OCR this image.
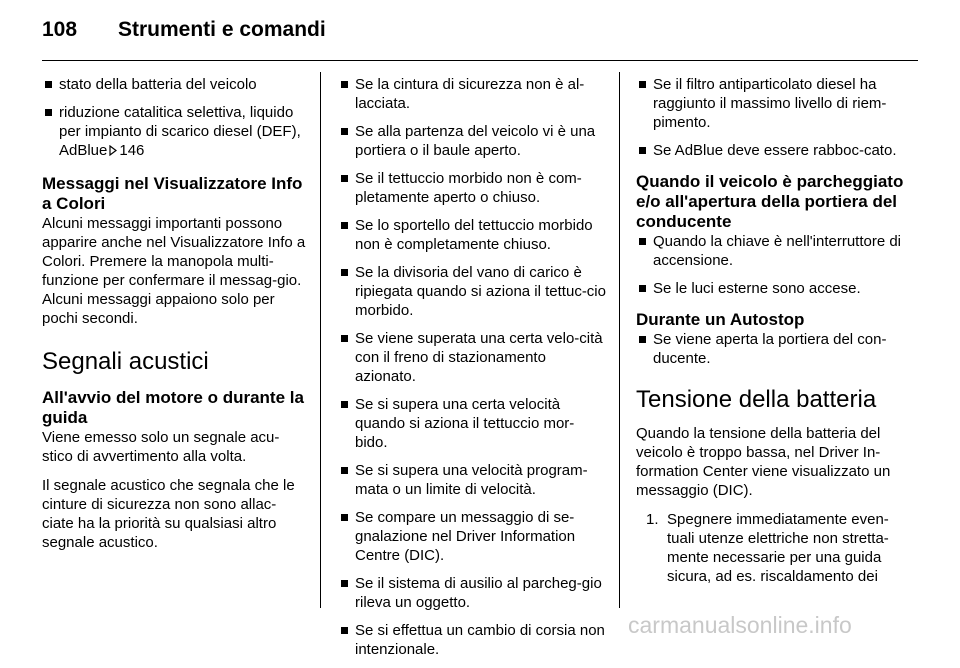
108 Strumenti e comandi
stato della batteria del veicolo
riduzione catalitica selettiva, liquido per impianto di scarico diesel (DEF), AdBlue 146
Messaggi nel Visualizzatore Info a Colori

Alcuni messaggi importanti possono apparire anche nel Visualizzatore Info a Colori. Premere la manopola multi-funzione per confermare il messag-gio. Alcuni messaggi appaiono solo per pochi secondi.

Segnali acustici
All'avvio del motore o durante la guida

Viene emesso solo un segnale acu-stico di avvertimento alla volta.

Il segnale acustico che segnala che le cinture di sicurezza non sono allac-ciate ha la priorità su qualsiasi altro segnale acustico.

Se la cintura di sicurezza non è al-lacciata.
Se alla partenza del veicolo vi è una portiera o il baule aperto.
Se il tettuccio morbido non è com-pletamente aperto o chiuso.
Se lo sportello del tettuccio morbido non è completamente chiuso.
Se la divisoria del vano di carico è ripiegata quando si aziona il tettuc-cio morbido.
Se viene superata una certa velo-cità con il freno di stazionamento azionato.
Se si supera una certa velocità quando si aziona il tettuccio mor-bido.
Se si supera una velocità program-mata o un limite di velocità.
Se compare un messaggio di se-gnalazione nel Driver Information Centre (DIC).
Se il sistema di ausilio al parcheg-gio rileva un oggetto.
Se si effettua un cambio di corsia non intenzionale.
Se il filtro antiparticolato diesel ha raggiunto il massimo livello di riem-pimento.
Se AdBlue deve essere rabboc-cato.
Quando il veicolo è parcheggiato e/o all'apertura della portiera del conducente
Quando la chiave è nell'interruttore di accensione.
Se le luci esterne sono accese.
Durante un Autostop
Se viene aperta la portiera del con-ducente.
Tensione della batteria

Quando la tensione della batteria del veicolo è troppo bassa, nel Driver In-formation Center viene visualizzato un messaggio (DIC).

1. Spegnere immediatamente even-tuali utenze elettriche non stretta-mente necessarie per una guida sicura, ad es. riscaldamento dei
carmanualsonline.info
